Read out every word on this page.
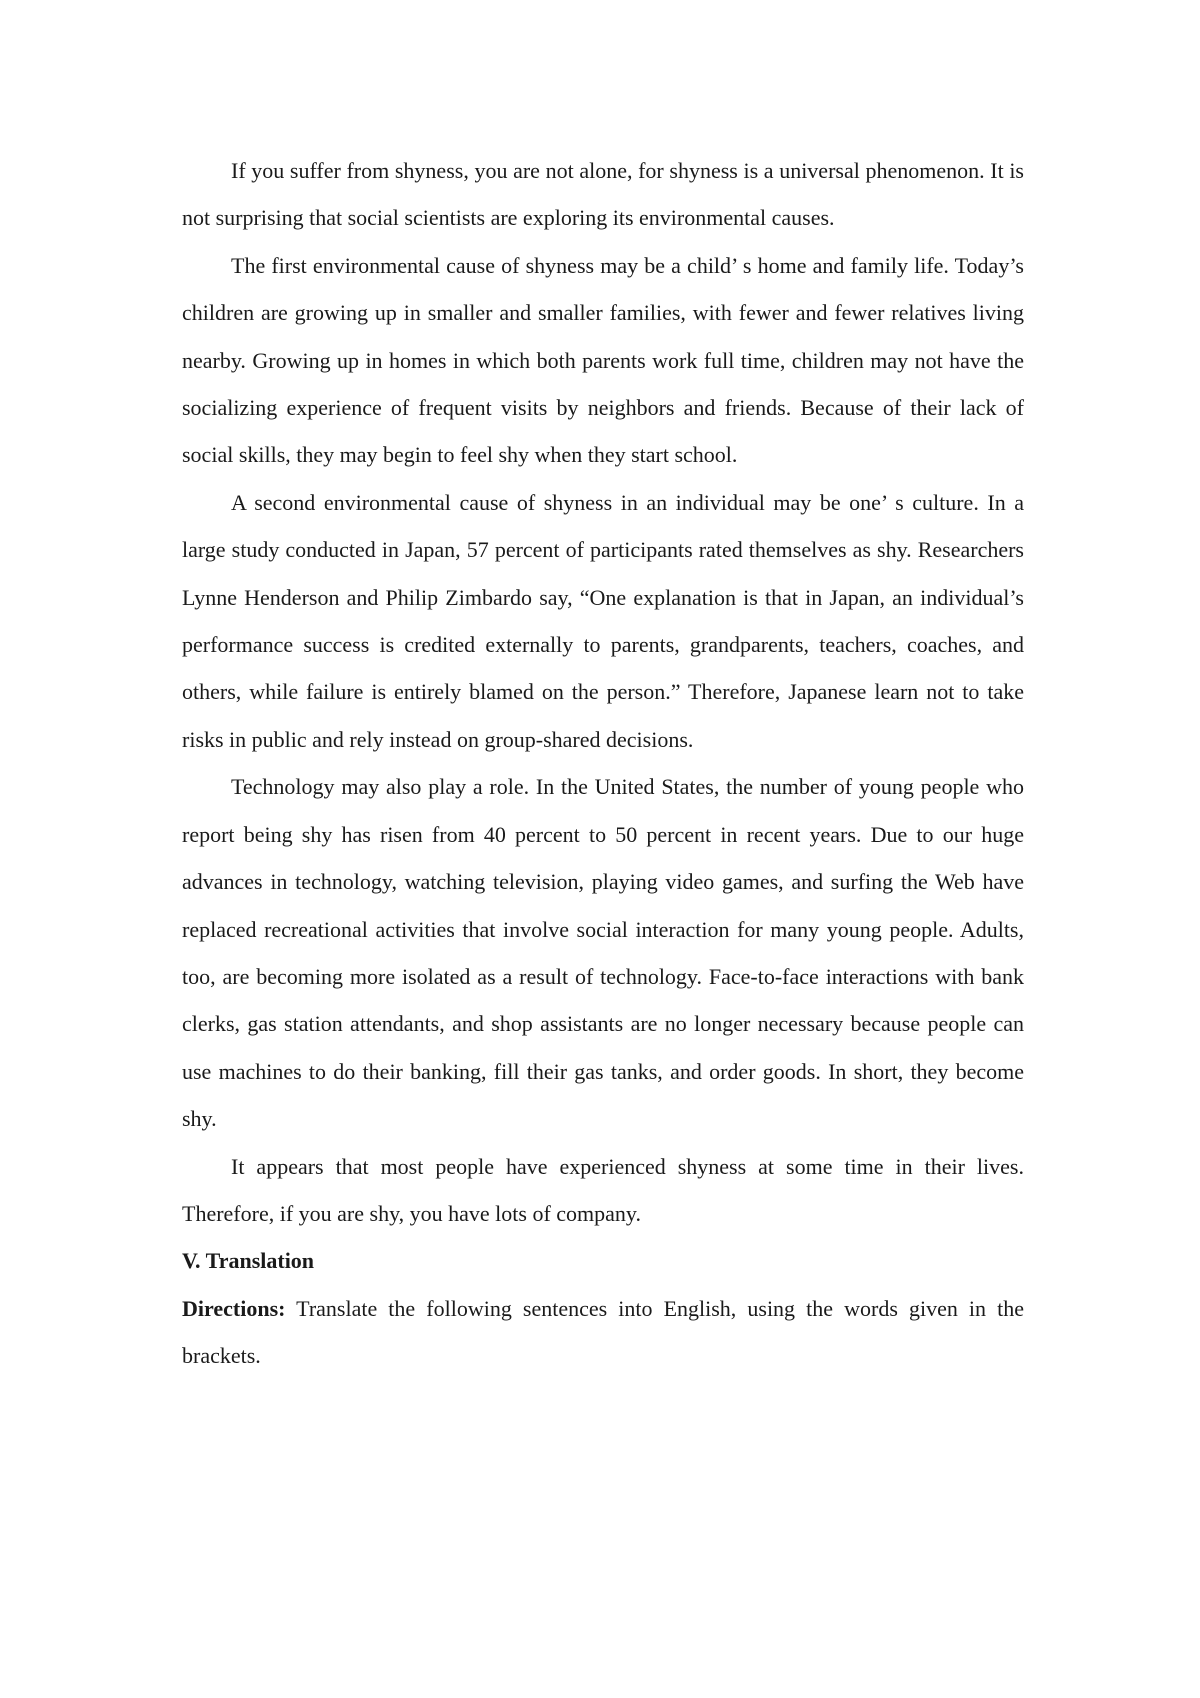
If you suffer from shyness, you are not alone, for shyness is a universal phenomenon. It is not surprising that social scientists are exploring its environmental causes.

The first environmental cause of shyness may be a child’ s home and family life. Today’s children are growing up in smaller and smaller families, with fewer and fewer relatives living nearby. Growing up in homes in which both parents work full time, children may not have the socializing experience of frequent visits by neighbors and friends. Because of their lack of social skills, they may begin to feel shy when they start school.

A second environmental cause of shyness in an individual may be one’ s culture. In a large study conducted in Japan, 57 percent of participants rated themselves as shy. Researchers Lynne Henderson and Philip Zimbardo say, “One explanation is that in Japan, an individual’s performance success is credited externally to parents, grandparents, teachers, coaches, and others, while failure is entirely blamed on the person.” Therefore, Japanese learn not to take risks in public and rely instead on group-shared decisions.

Technology may also play a role. In the United States, the number of young people who report being shy has risen from 40 percent to 50 percent in recent years. Due to our huge advances in technology, watching television, playing video games, and surfing the Web have replaced recreational activities that involve social interaction for many young people. Adults, too, are becoming more isolated as a result of technology. Face-to-face interactions with bank clerks, gas station attendants, and shop assistants are no longer necessary because people can use machines to do their banking, fill their gas tanks, and order goods. In short, they become shy.

It appears that most people have experienced shyness at some time in their lives. Therefore, if you are shy, you have lots of company.

V. Translation

Directions: Translate the following sentences into English, using the words given in the brackets.
